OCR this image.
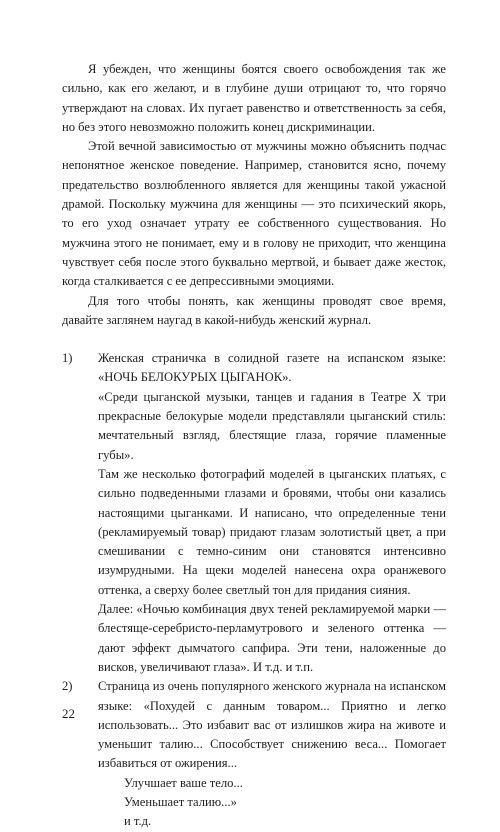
Я убежден, что женщины боятся своего освобождения так же сильно, как его желают, и в глубине души отрицают то, что горячо утверждают на словах. Их пугает равенство и ответственность за себя, но без этого невозможно положить конец дискриминации.

Этой вечной зависимостью от мужчины можно объяснить подчас непонятное женское поведение. Например, становится ясно, почему предательство возлюбленного является для женщины такой ужасной драмой. Поскольку мужчина для женщины — это психический якорь, то его уход означает утрату ее собственного существования. Но мужчина этого не понимает, ему и в голову не приходит, что женщина чувствует себя после этого буквально мертвой, и бывает даже жесток, когда сталкивается с ее депрессивными эмоциями.

Для того чтобы понять, как женщины проводят свое время, давайте заглянем наугад в какой-нибудь женский журнал.

1) Женская страничка в солидной газете на испанском языке: «НОЧЬ БЕЛОКУРЫХ ЦЫГАНОК».

«Среди цыганской музыки, танцев и гадания в Театре Х три прекрасные белокурые модели представляли цыганский стиль: мечтательный взгляд, блестящие глаза, горячие пламенные губы».

Там же несколько фотографий моделей в цыганских платьях, с сильно подведенными глазами и бровями, чтобы они казались настоящими цыганками. И написано, что определенные тени (рекламируемый товар) придают глазам золотистый цвет, а при смешивании с темно-синим они становятся интенсивно изумрудными. На щеки моделей нанесена охра оранжевого оттенка, а сверху более светлый тон для придания сияния.

Далее: «Ночью комбинация двух теней рекламируемой марки — блестяще-серебристо-перламутрового и зеленого оттенка — дают эффект дымчатого сапфира. Эти тени, наложенные до висков, увеличивают глаза». И т.д. и т.п.

2) Страница из очень популярного женского журнала на испанском языке: «Похудей с данным товаром... Приятно и легко использовать... Это избавит вас от излишков жира на животе и уменьшит талию... Способствует снижению веса... Помогает избавиться от ожирения...

Улучшает ваше тело...

Уменьшает талию...»

и т.д.

22
